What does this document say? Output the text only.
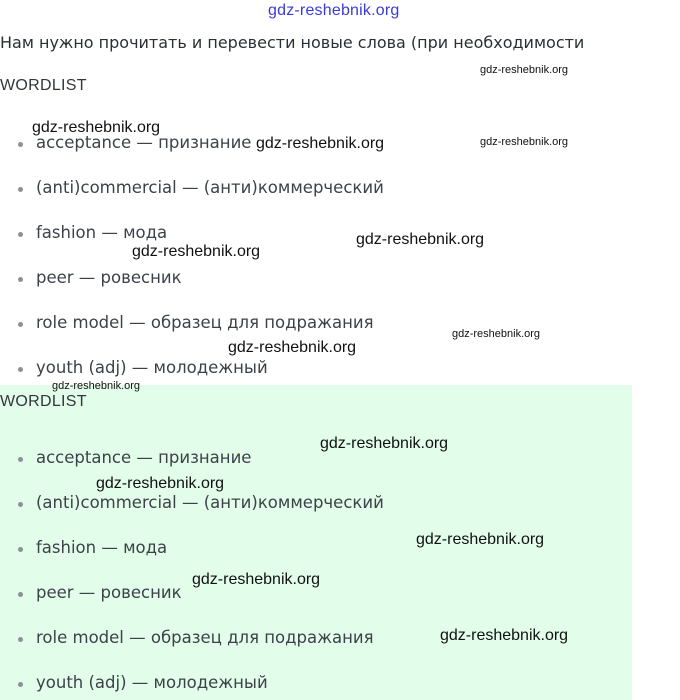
gdz-reshebnik.org
Нам нужно прочитать и перевести новые слова (при необходимости
WORDLIST
acceptance — признание
(anti)commercial — (анти)коммерческий
fashion — мода
peer — ровесник
role model — образец для подражания
youth (adj) — молодежный
WORDLIST
acceptance — признание
(anti)commercial — (анти)коммерческий
fashion — мода
peer — ровесник
role model — образец для подражания
youth (adj) — молодежный
gdz-reshebnik.org
gdz-reshebnik.org
gdz-reshebnik.org	gdz-reshebnik.org
gdz-reshebnik.org
gdz-reshebnik.org
gdz-reshebnik.org
gdz-reshebnik.org
gdz-reshebnik.org
gdz-reshebnik.org
gdz-reshebnik.org
gdz-reshebnik.org
gdz-reshebnik.org
gdz-reshebnik.org
